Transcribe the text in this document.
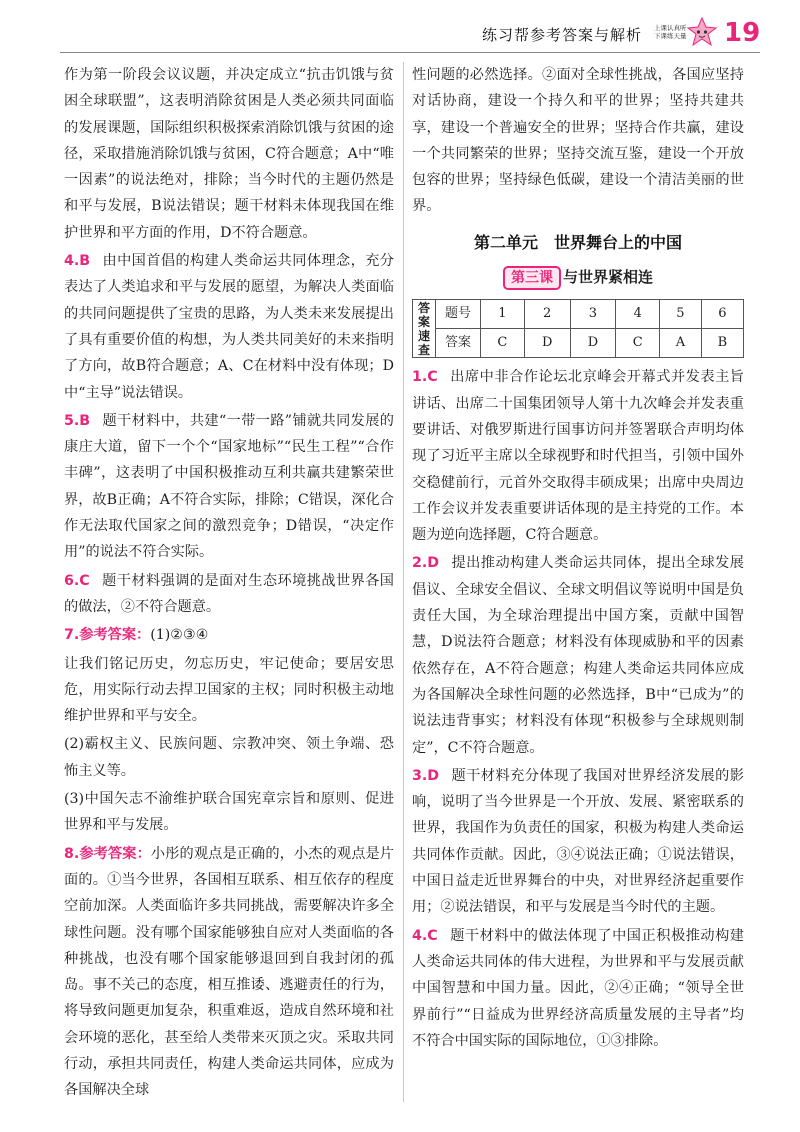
练习帮参考答案与解析 上课认真听
下课练天量 19

作为第一阶段会议议题，并决定成立“抗击饥饿与贫困全球联盟”，这表明消除贫困是人类必须共同面临的发展课题，国际组织积极探索消除饥饿与贫困的途径，采取措施消除饥饿与贫困，C符合题意；A中“唯一因素”的说法绝对，排除；当今时代的主题仍然是和平与发展，B说法错误；题干材料未体现我国在维护世界和平方面的作用，D不符合题意。

4.B 由中国首倡的构建人类命运共同体理念，充分表达了人类追求和平与发展的愿望，为解决人类面临的共同问题提供了宝贵的思路，为人类未来发展提出了具有重要价值的构想，为人类共同美好的未来指明了方向，故B符合题意；A、C在材料中没有体现；D中“主导”说法错误。

5.B 题干材料中，共建“一带一路”铺就共同发展的康庄大道，留下一个个“国家地标”“民生工程”“合作丰碑”，这表明了中国积极推动互利共赢共建繁荣世界，故B正确；A不符合实际，排除；C错误，深化合作无法取代国家之间的激烈竞争；D错误，“决定作用”的说法不符合实际。

6.C 题干材料强调的是面对生态环境挑战世界各国的做法，②不符合题意。

7.参考答案：(1)②③④

让我们铭记历史，勿忘历史，牢记使命；要居安思危，用实际行动去捍卫国家的主权；同时积极主动地维护世界和平与安全。

(2)霸权主义、民族问题、宗教冲突、领土争端、恐怖主义等。

(3)中国矢志不渝维护联合国宪章宗旨和原则、促进世界和平与发展。

8.参考答案：小彤的观点是正确的，小杰的观点是片面的。①当今世界，各国相互联系、相互依存的程度空前加深。人类面临许多共同挑战，需要解决许多全球性问题。没有哪个国家能够独自应对人类面临的各种挑战，也没有哪个国家能够退回到自我封闭的孤岛。事不关己的态度，相互推诿、逃避责任的行为，将导致问题更加复杂，积重难返，造成自然环境和社会环境的恶化，甚至给人类带来灭顶之灾。采取共同行动，承担共同责任，构建人类命运共同体，应成为各国解决全球

性问题的必然选择。②面对全球性挑战，各国应坚持对话协商，建设一个持久和平的世界；坚持共建共享，建设一个普遍安全的世界；坚持合作共赢，建设一个共同繁荣的世界；坚持交流互鉴，建设一个开放包容的世界；坚持绿色低碳，建设一个清洁美丽的世界。

第二单元　世界舞台上的中国
第三课 与世界紧相连
答
案
速
查	题号	1	2	3	4	5	6
	答案	C	D	D	C	A	B

1.C 出席中非合作论坛北京峰会开幕式并发表主旨讲话、出席二十国集团领导人第十九次峰会并发表重要讲话、对俄罗斯进行国事访问并签署联合声明均体现了习近平主席以全球视野和时代担当，引领中国外交稳健前行，元首外交取得丰硕成果；出席中央周边工作会议并发表重要讲话体现的是主持党的工作。本题为逆向选择题，C符合题意。

2.D 提出推动构建人类命运共同体，提出全球发展倡议、全球安全倡议、全球文明倡议等说明中国是负责任大国，为全球治理提出中国方案，贡献中国智慧，D说法符合题意；材料没有体现威胁和平的因素依然存在，A不符合题意；构建人类命运共同体应成为各国解决全球性问题的必然选择，B中“已成为”的说法违背事实；材料没有体现“积极参与全球规则制定”，C不符合题意。

3.D 题干材料充分体现了我国对世界经济发展的影响，说明了当今世界是一个开放、发展、紧密联系的世界，我国作为负责任的国家，积极为构建人类命运共同体作贡献。因此，③④说法正确；①说法错误，中国日益走近世界舞台的中央，对世界经济起重要作用；②说法错误，和平与发展是当今时代的主题。

4.C 题干材料中的做法体现了中国正积极推动构建人类命运共同体的伟大进程，为世界和平与发展贡献中国智慧和中国力量。因此，②④正确；“领导全世界前行”“日益成为世界经济高质量发展的主导者”均不符合中国实际的国际地位，①③排除。
